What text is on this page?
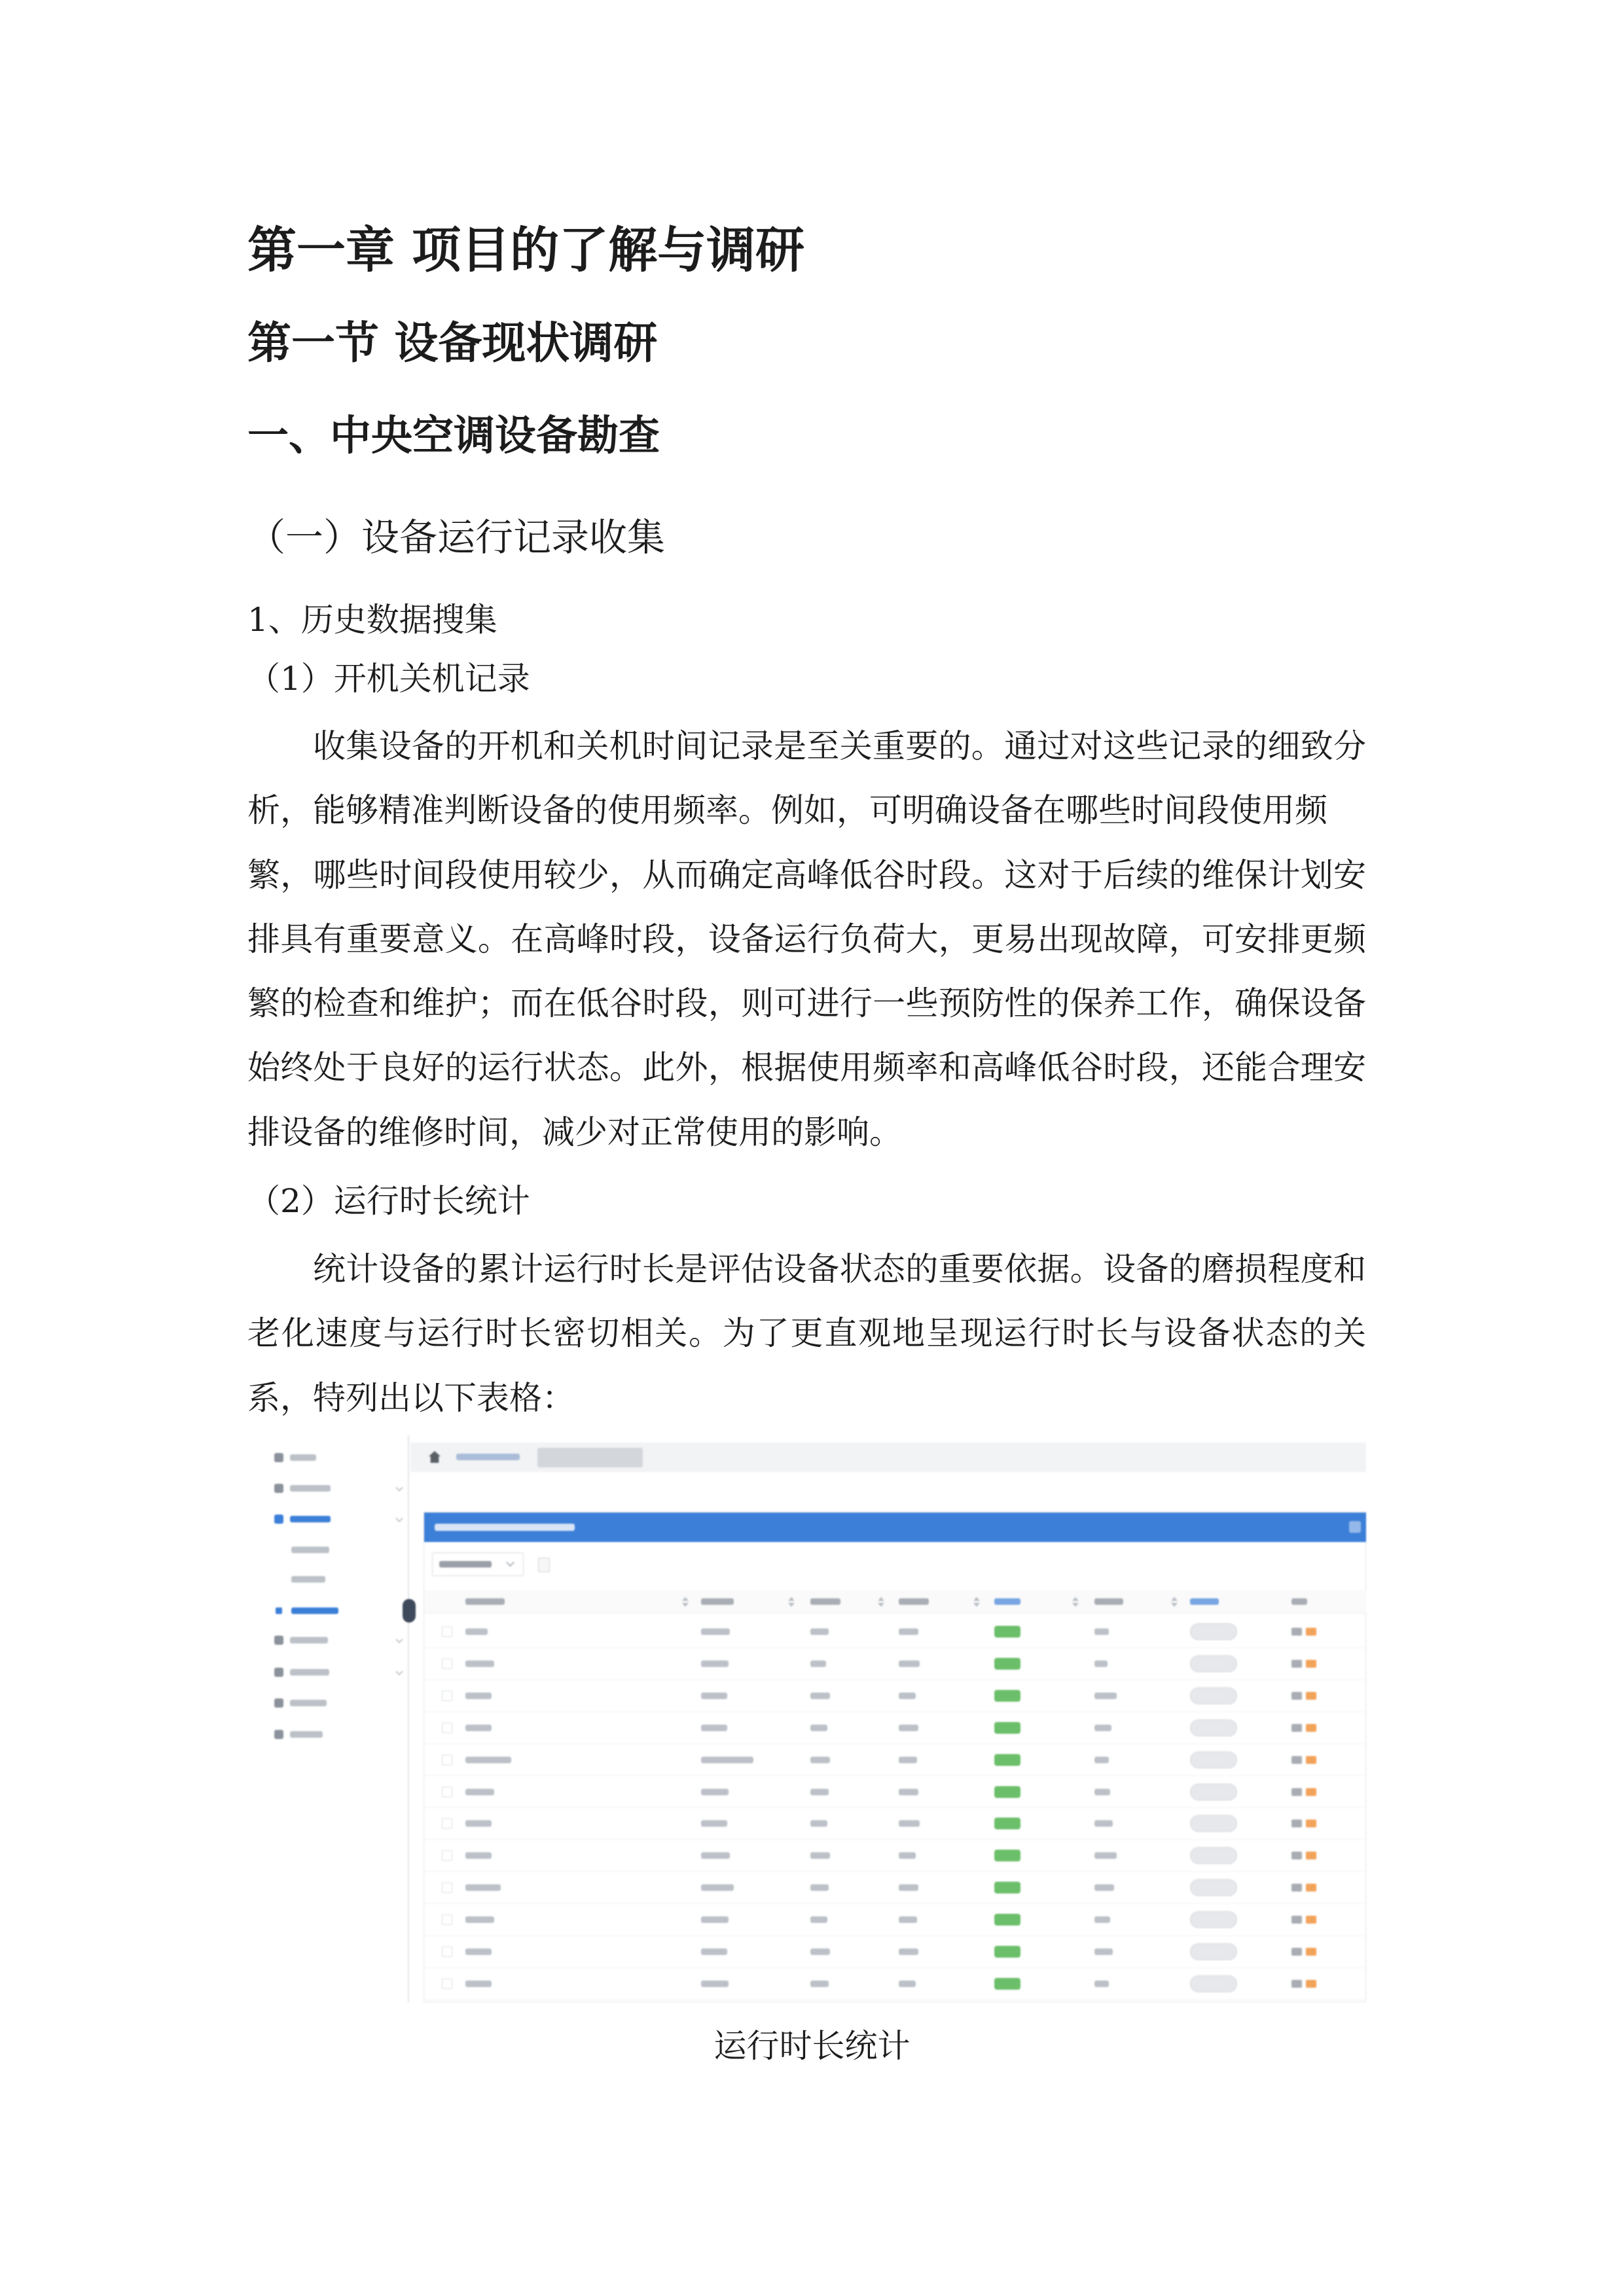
第一章 项目的了解与调研
第一节 设备现状调研
一、中央空调设备勘查
（一）设备运行记录收集
1、历史数据搜集
（1）开机关机记录
收集设备的开机和关机时间记录是至关重要的。通过对这些记录的细致分
析，能够精准判断设备的使用频率。例如，可明确设备在哪些时间段使用频
繁，哪些时间段使用较少，从而确定高峰低谷时段。这对于后续的维保计划安
排具有重要意义。在高峰时段，设备运行负荷大，更易出现故障，可安排更频
繁的检查和维护；而在低谷时段，则可进行一些预防性的保养工作，确保设备
始终处于良好的运行状态。此外，根据使用频率和高峰低谷时段，还能合理安
排设备的维修时间，减少对正常使用的影响。
（2）运行时长统计
统计设备的累计运行时长是评估设备状态的重要依据。设备的磨损程度和
老化速度与运行时长密切相关。为了更直观地呈现运行时长与设备状态的关
系，特列出以下表格：
运行时长统计
